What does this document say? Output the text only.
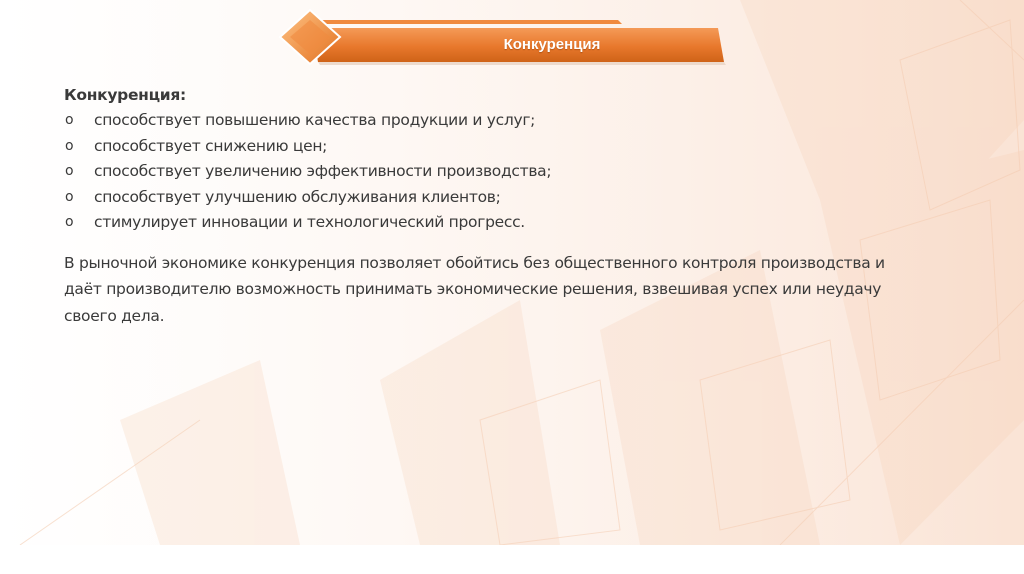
Конкуренция

Конкуренция:

o способствует повышению качества продукции и услуг;
o способствует снижению цен;
o способствует увеличению эффективности производства;
o способствует улучшению обслуживания клиентов;
o стимулирует инновации и технологический прогресс.

В рыночной экономике конкуренция позволяет обойтись без общественного контроля производства и даёт производителю возможность принимать экономические решения, взвешивая успех или неудачу своего дела.
